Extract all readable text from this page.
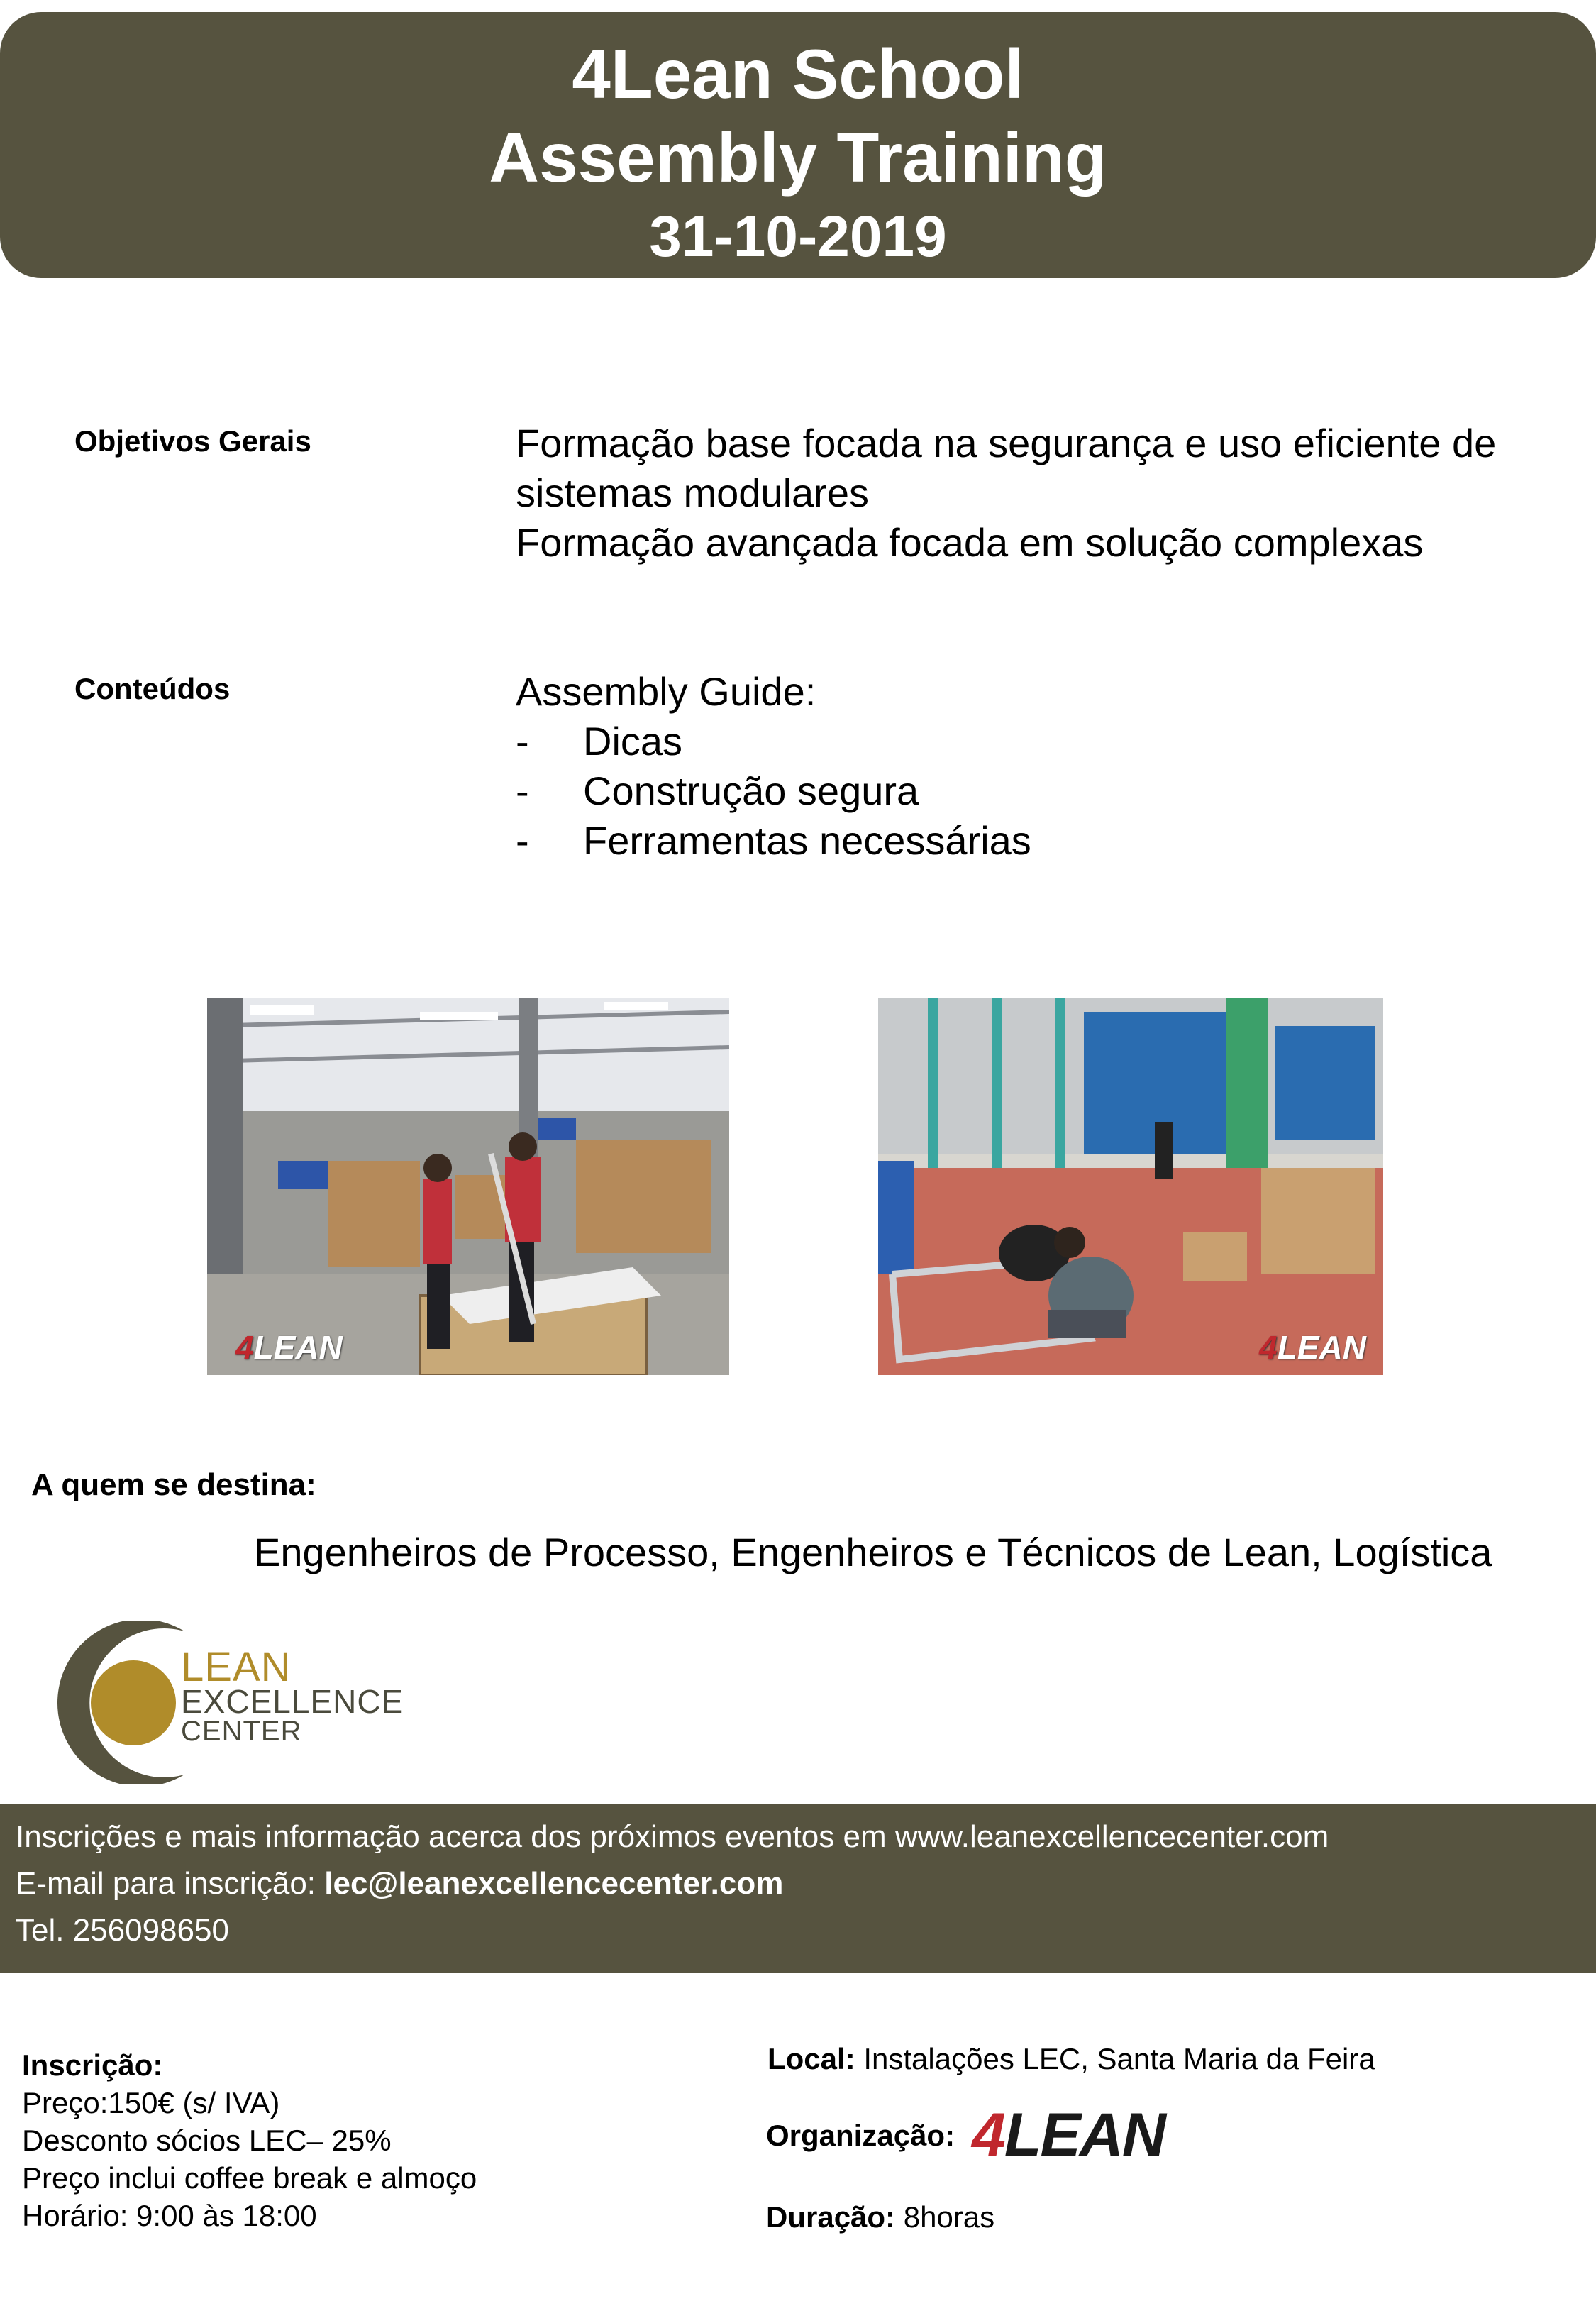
4Lean School
Assembly Training
31-10-2019
Objetivos Gerais	Formação base focada na segurança e uso eficiente de
sistemas modulares
Formação avançada focada em solução complexas
Conteúdos	Assembly Guide:
-	Dicas
-	Construção segura
-	Ferramentas necessárias
4LEAN	4LEAN
A quem se destina:
Engenheiros de Processo, Engenheiros e Técnicos de Lean, Logística
LEAN
EXCELLENCE
CENTER
Inscrições e mais informação acerca dos próximos eventos em www.leanexcellencecenter.com
E-mail para inscrição: lec@leanexcellencecenter.com
Tel. 256098650
Inscrição:
Preço:150€ (s/ IVA)
Desconto sócios LEC– 25%
Preço inclui coffee break e almoço
Horário: 9:00 às 18:00
Local: Instalações LEC, Santa Maria da Feira
Organização: 4LEAN
Duração: 8horas
